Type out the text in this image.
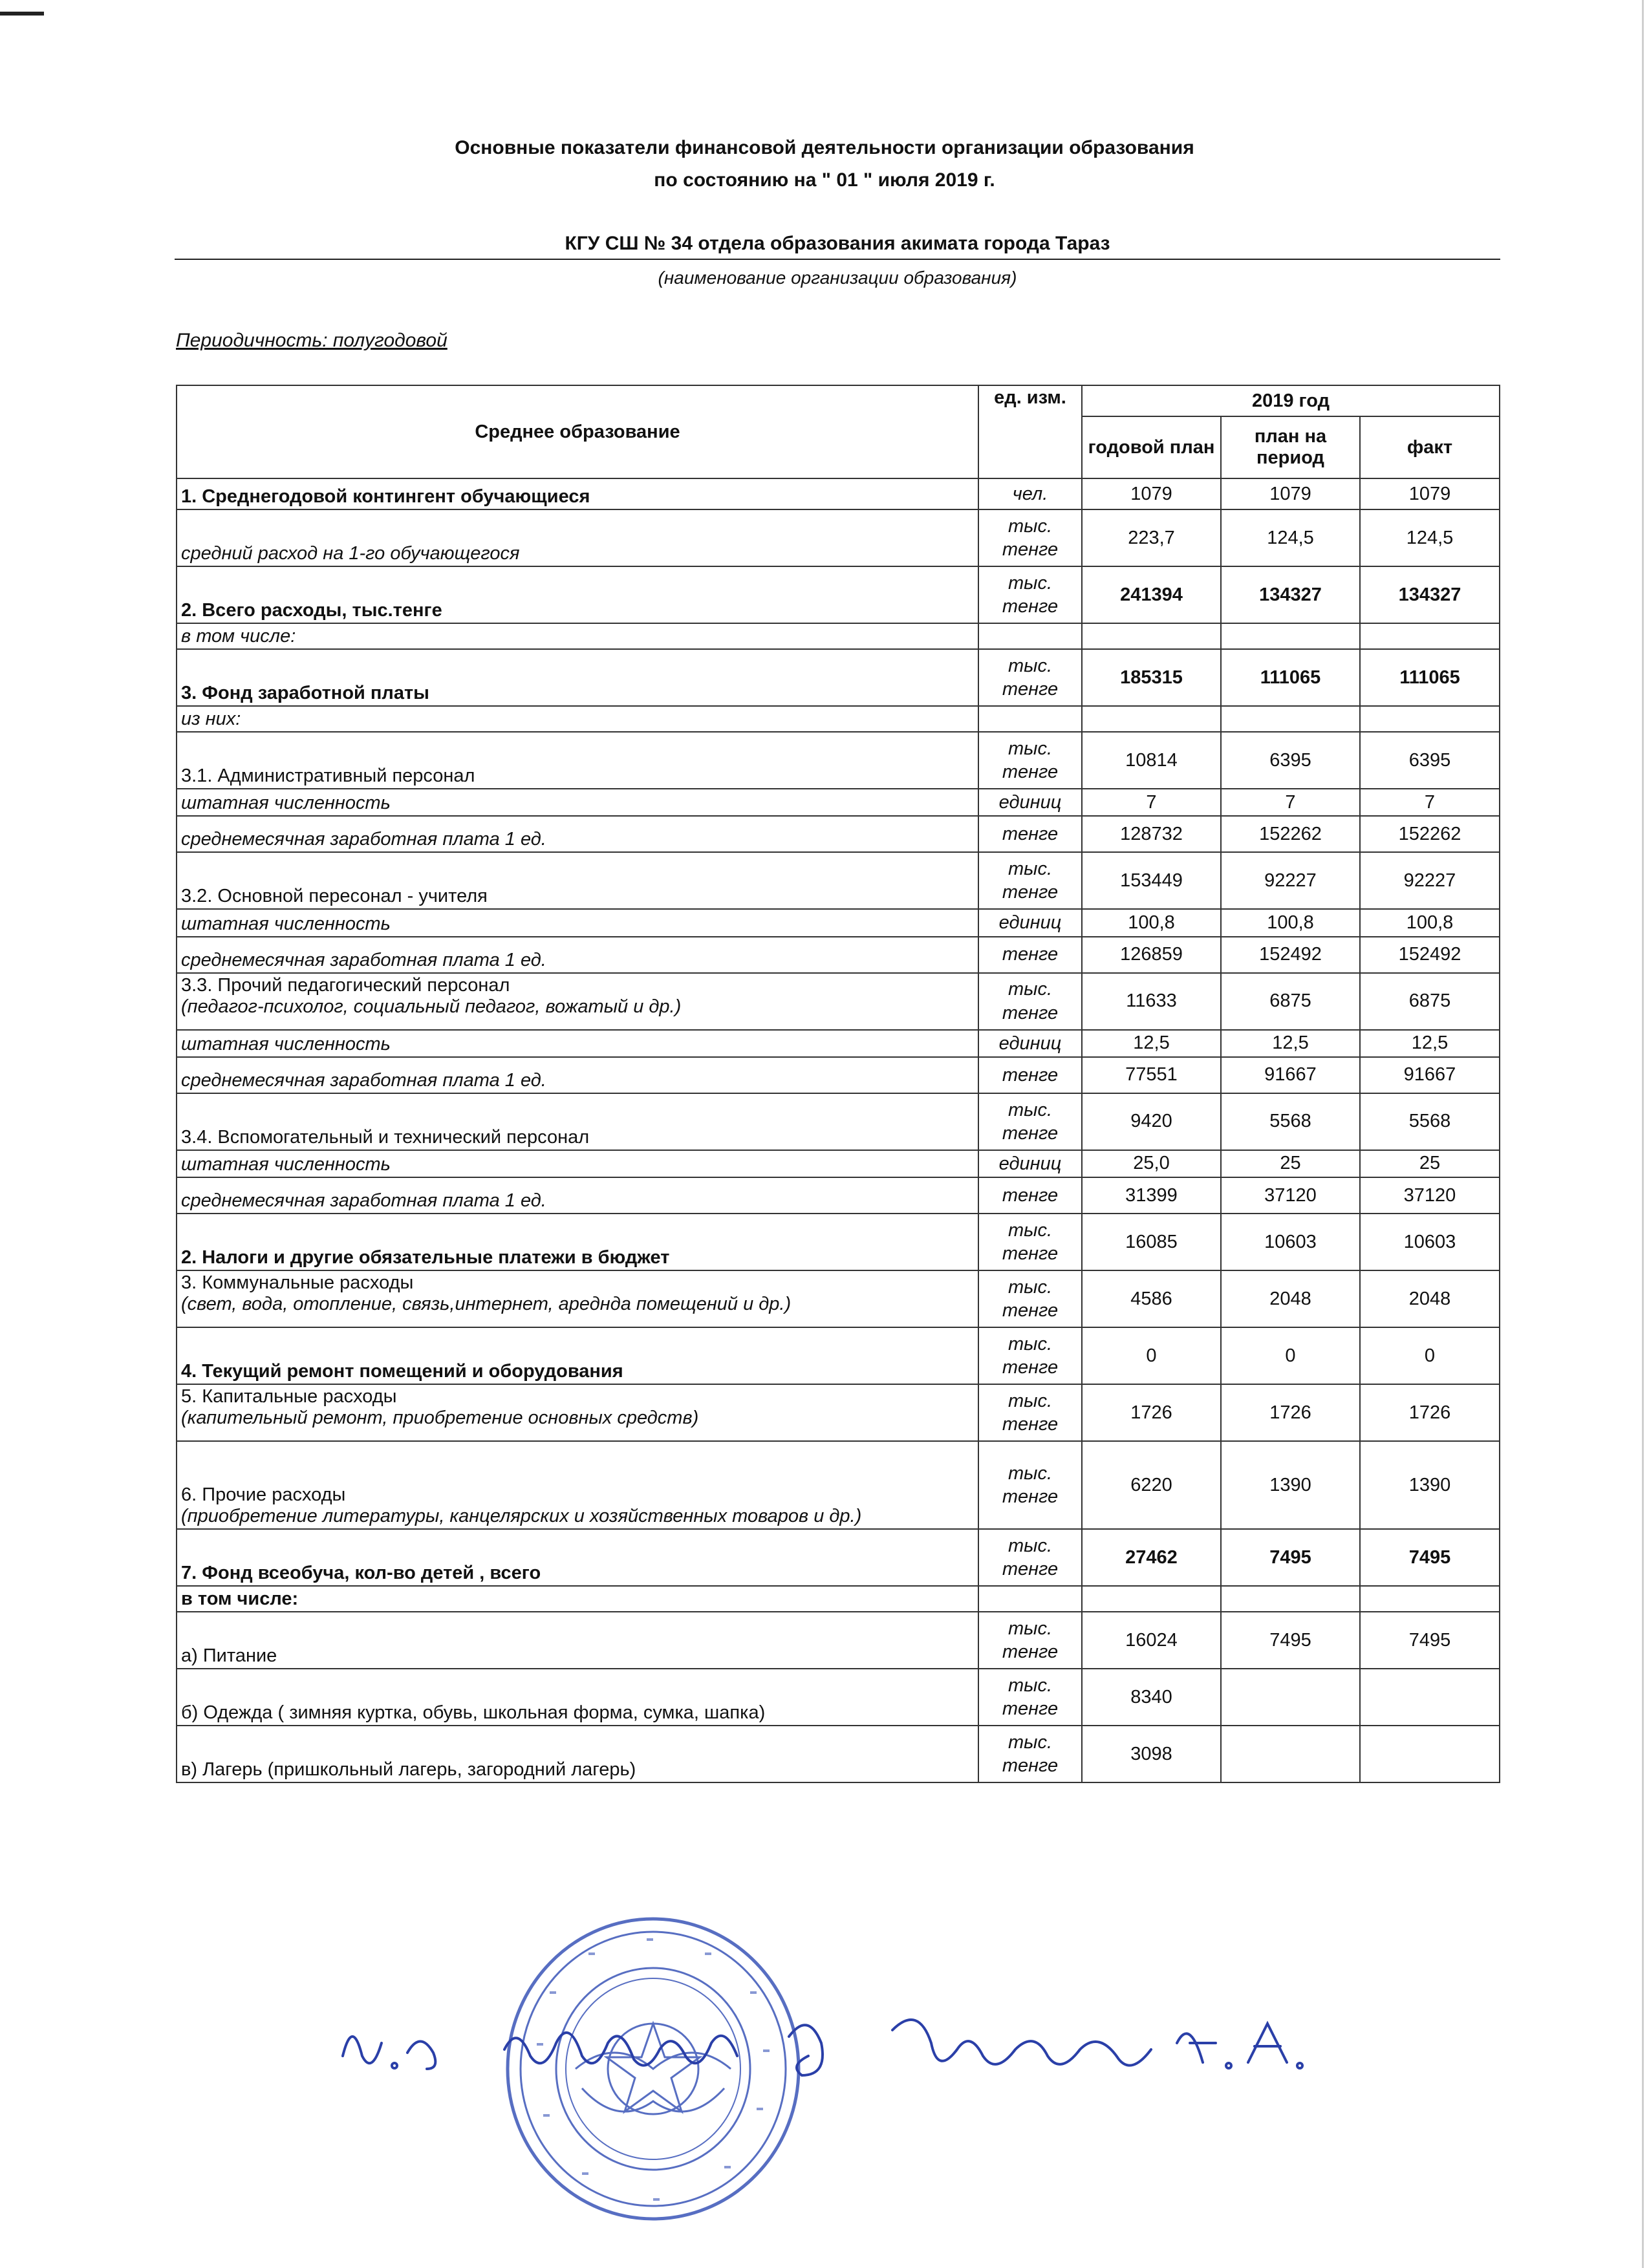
Основные показатели финансовой деятельности организации образования
по состоянию на " 01 " июля 2019 г.
КГУ СШ № 34 отдела образования акимата города Тараз
(наименование организации образования)
Периодичность: полугодовой
Среднее образование	ед. изм.	2019 год		
		годовой план	план на период	факт
1. Среднегодовой контингент обучающиеся	чел.	1079	1079	1079
средний расход на 1-го обучающегося	тыс. тенге	223,7	124,5	124,5
2. Всего расходы, тыс.тенге	тыс. тенге	241394	134327	134327
в том числе:				
3. Фонд заработной платы	тыс. тенге	185315	111065	111065
из них:				
3.1. Административный персонал	тыс. тенге	10814	6395	6395
штатная численность	единиц	7	7	7
среднемесячная заработная плата 1 ед.	тенге	128732	152262	152262
3.2. Основной пересонал - учителя	тыс. тенге	153449	92227	92227
штатная численность	единиц	100,8	100,8	100,8
среднемесячная заработная плата 1 ед.	тенге	126859	152492	152492
3.3. Прочий педагогический персонал
(педагог-психолог, социальный педагог, вожатый и др.)	тыс. тенге	11633	6875	6875
штатная численность	единиц	12,5	12,5	12,5
среднемесячная заработная плата 1 ед.	тенге	77551	91667	91667
3.4. Вспомогательный и технический персонал	тыс. тенге	9420	5568	5568
штатная численность	единиц	25,0	25	25
среднемесячная заработная плата 1 ед.	тенге	31399	37120	37120
2. Налоги и другие обязательные платежи в бюджет	тыс. тенге	16085	10603	10603
3. Коммунальные расходы
(свет, вода, отопление, связь,интернет, ареднда помещений и др.)	тыс. тенге	4586	2048	2048
4. Текущий ремонт помещений и оборудования	тыс. тенге	0	0	0
5. Капитальные расходы
(капительный ремонт, приобретение основных средств)	тыс. тенге	1726	1726	1726
6. Прочие расходы
(приобретение литературы, канцелярских и хозяйственных товаров и др.)	тыс. тенге	6220	1390	1390
7. Фонд всеобуча, кол-во детей , всего	тыс. тенге	27462	7495	7495
в том числе:				
а) Питание	тыс. тенге	16024	7495	7495
б) Одежда ( зимняя куртка, обувь, школьная форма, сумка, шапка)	тыс. тенге	8340		
в) Лагерь (пришкольный лагерь, загородний лагерь)	тыс. тенге	3098		
